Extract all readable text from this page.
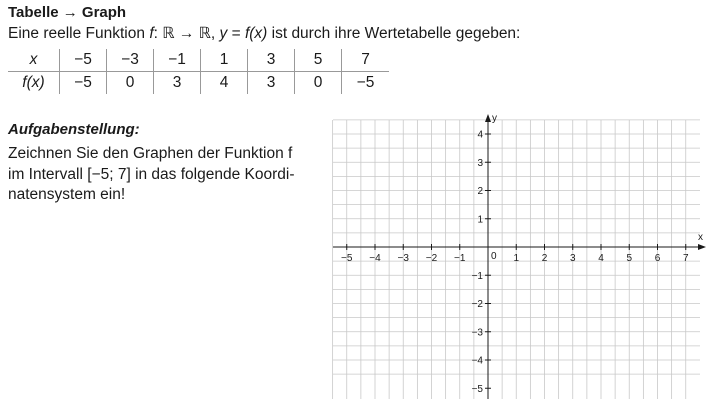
Tabelle → Graph
Eine reelle Funktion f: ℝ → ℝ, y = f(x) ist durch ihre Wertetabelle gegeben:
x	−5	−3	−1	1	3	5	7
f(x)	−5	0	3	4	3	0	−5
Aufgabenstellung:
Zeichnen Sie den Graphen der Funktion f
im Intervall [−5; 7] in das folgende Koordi-
natensystem ein!
−5 −4 −3 −2 −1	1 2 3 4 5 6 7
4
3
2
1
−1
−2
−3
−4
−5
0
x
y
